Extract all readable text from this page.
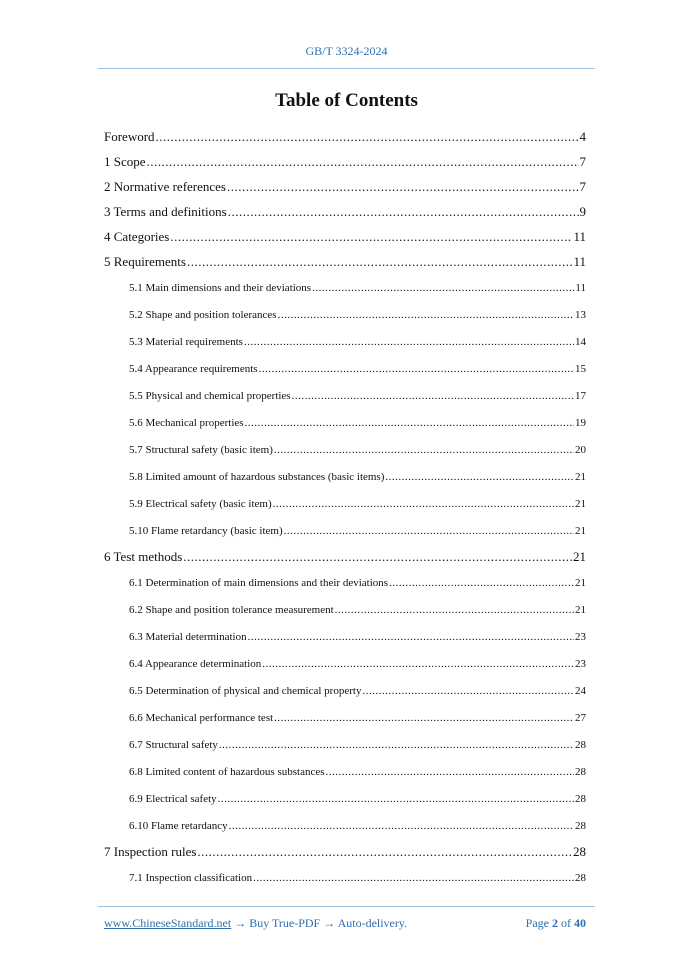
GB/T 3324-2024
Table of Contents
Foreword .....	4
1 Scope .....	7
2 Normative references .....	7
3 Terms and definitions .....	9
4 Categories .....	11
5 Requirements .....	11
5.1 Main dimensions and their deviations .....	11
5.2 Shape and position tolerances .....	13
5.3 Material requirements .....	14
5.4 Appearance requirements .....	15
5.5 Physical and chemical properties .....	17
5.6 Mechanical properties .....	19
5.7 Structural safety (basic item) .....	20
5.8 Limited amount of hazardous substances (basic items) .....	21
5.9 Electrical safety (basic item) .....	21
5.10 Flame retardancy (basic item) .....	21
6 Test methods .....	21
6.1 Determination of main dimensions and their deviations .....	21
6.2 Shape and position tolerance measurement .....	21
6.3 Material determination .....	23
6.4 Appearance determination .....	23
6.5 Determination of physical and chemical property .....	24
6.6 Mechanical performance test .....	27
6.7 Structural safety .....	28
6.8 Limited content of hazardous substances .....	28
6.9 Electrical safety .....	28
6.10 Flame retardancy .....	28
7 Inspection rules .....	28
7.1 Inspection classification .....	28
www.ChineseStandard.net → Buy True-PDF → Auto-delivery.	Page 2 of 40
